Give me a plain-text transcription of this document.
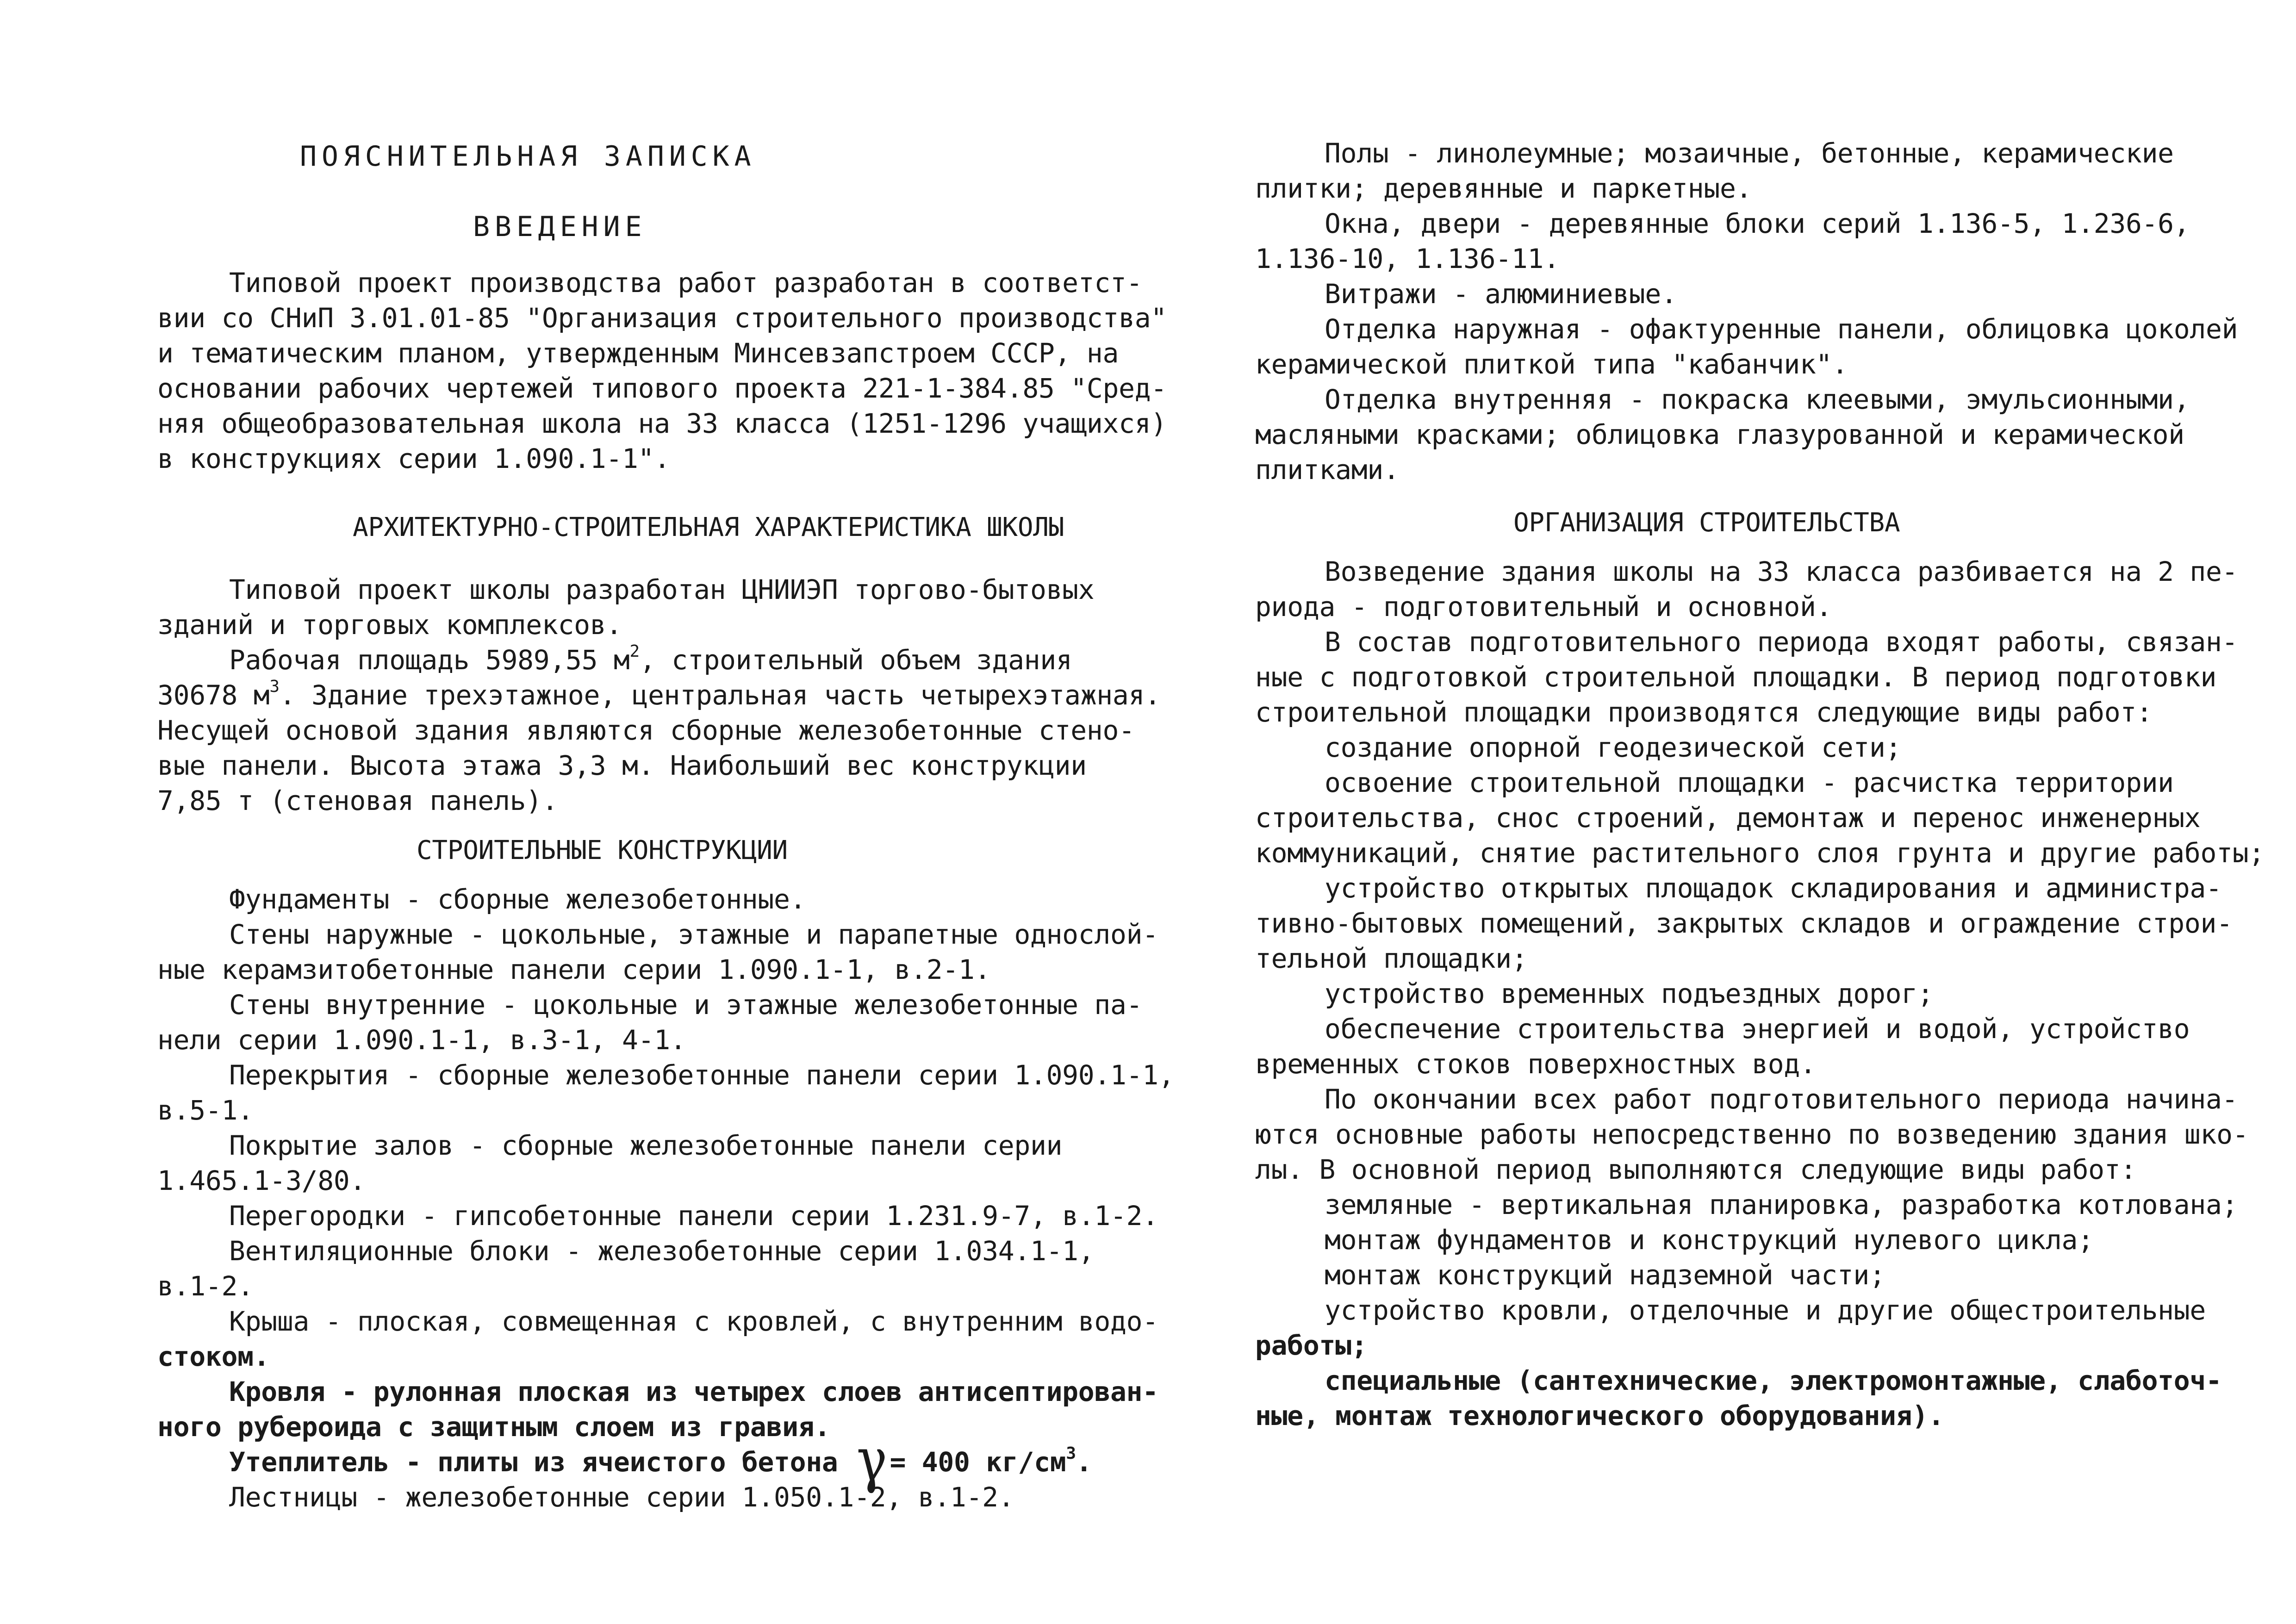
ПОЯСНИТЕЛЬНАЯ ЗАПИСКА
ВВЕДЕНИЕ
Типовой проект производства работ разработан в соответст-
вии со СНиП 3.01.01-85 "Организация строительного производства"
и тематическим планом, утвержденным Минсевзапстроем СССР, на
основании рабочих чертежей типового проекта 221-1-384.85 "Сред-
няя общеобразовательная школа на 33 класса (1251-1296 учащихся)
в конструкциях серии 1.090.1-1".
АРХИТЕКТУРНО-СТРОИТЕЛЬНАЯ ХАРАКТЕРИСТИКА ШКОЛЫ
Типовой проект школы разработан ЦНИИЭП торгово-бытовых
зданий и торговых комплексов.
Рабочая площадь 5989,55 $м^2$, строительный объем здания
30678 $м^3$. Здание трехэтажное, центральная часть четырехэтажная.
Несущей основой здания являются сборные железобетонные стено-
вые панели. Высота этажа 3,3 м. Наибольший вес конструкции
7,85 т (стеновая панель).
СТРОИТЕЛЬНЫЕ КОНСТРУКЦИИ
Фундаменты - сборные железобетонные.
Стены наружные - цокольные, этажные и парапетные однослой-
ные керамзитобетонные панели серии 1.090.1-1, в.2-1.
Стены внутренние - цокольные и этажные железобетонные па-
нели серии 1.090.1-1, в.3-1, 4-1.
Перекрытия - сборные железобетонные панели серии 1.090.1-1,
в.5-1.
Покрытие залов - сборные железобетонные панели серии
1.465.1-3/80.
Перегородки - гипсобетонные панели серии 1.231.9-7, в.1-2.
Вентиляционные блоки - железобетонные серии 1.034.1-1,
в.1-2.
Крыша - плоская, совмещенная с кровлей, с внутренним водо-
стоком.
Кровля - рулонная плоская из четырех слоев антисептирован-
ного рубероида с защитным слоем из гравия.
Утеплитель - плиты из ячеистого бетона γ = 400 $кг/см^3$.
Лестницы - железобетонные серии 1.050.1-2, в.1-2.
Полы - линолеумные; мозаичные, бетонные, керамические
плитки; деревянные и паркетные.
Окна, двери - деревянные блоки серий 1.136-5, 1.236-6,
1.136-10, 1.136-11.
Витражи - алюминиевые.
Отделка наружная - офактуренные панели, облицовка цоколей
керамической плиткой типа "кабанчик".
Отделка внутренняя - покраска клеевыми, эмульсионными,
масляными красками; облицовка глазурованной и керамической
плитками.
ОРГАНИЗАЦИЯ СТРОИТЕЛЬСТВА
Возведение здания школы на 33 класса разбивается на 2 пе-
риода - подготовительный и основной.
В состав подготовительного периода входят работы, связан-
ные с подготовкой строительной площадки. В период подготовки
строительной площадки производятся следующие виды работ:
создание опорной геодезической сети;
освоение строительной площадки - расчистка территории
строительства, снос строений, демонтаж и перенос инженерных
коммуникаций, снятие растительного слоя грунта и другие работы;
устройство открытых площадок складирования и администра-
тивно-бытовых помещений, закрытых складов и ограждение строи-
тельной площадки;
устройство временных подъездных дорог;
обеспечение строительства энергией и водой, устройство
временных стоков поверхностных вод.
По окончании всех работ подготовительного периода начина-
ются основные работы непосредственно по возведению здания шко-
лы. В основной период выполняются следующие виды работ:
земляные - вертикальная планировка, разработка котлована;
монтаж фундаментов и конструкций нулевого цикла;
монтаж конструкций надземной части;
устройство кровли, отделочные и другие общестроительные
работы;
специальные (сантехнические, электромонтажные, слаботоч-
ные, монтаж технологического оборудования).
